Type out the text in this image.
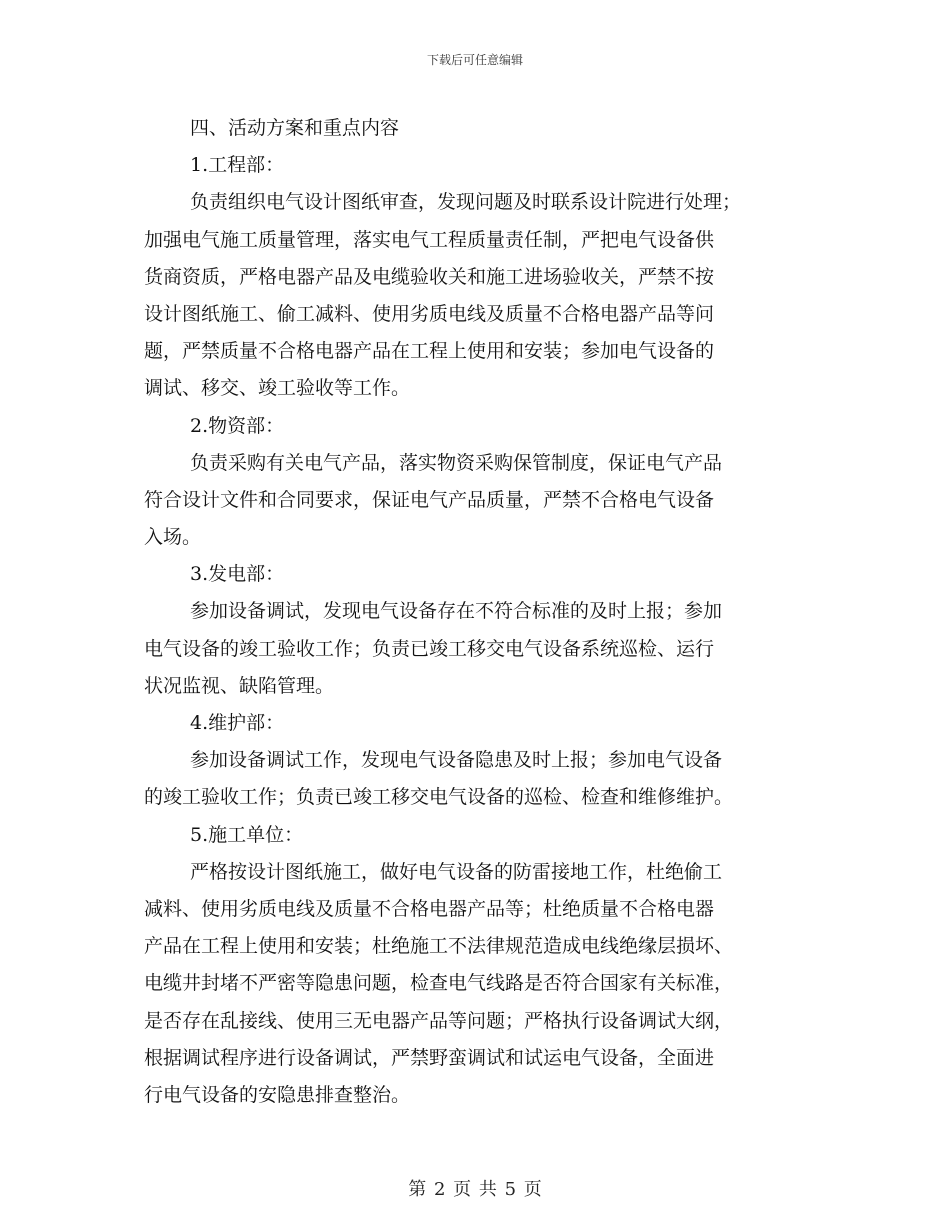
下载后可任意编辑
四、活动方案和重点内容
1.工程部：
负责组织电气设计图纸审查，发现问题及时联系设计院进行处理；
加强电气施工质量管理，落实电气工程质量责任制，严把电气设备供
货商资质，严格电器产品及电缆验收关和施工进场验收关，严禁不按
设计图纸施工、偷工减料、使用劣质电线及质量不合格电器产品等问
题，严禁质量不合格电器产品在工程上使用和安装；参加电气设备的
调试、移交、竣工验收等工作。
2.物资部：
负责采购有关电气产品，落实物资采购保管制度，保证电气产品
符合设计文件和合同要求，保证电气产品质量，严禁不合格电气设备
入场。
3.发电部：
参加设备调试，发现电气设备存在不符合标准的及时上报；参加
电气设备的竣工验收工作；负责已竣工移交电气设备系统巡检、运行
状况监视、缺陷管理。
4.维护部：
参加设备调试工作，发现电气设备隐患及时上报；参加电气设备
的竣工验收工作；负责已竣工移交电气设备的巡检、检查和维修维护。
5.施工单位：
严格按设计图纸施工，做好电气设备的防雷接地工作，杜绝偷工
减料、使用劣质电线及质量不合格电器产品等；杜绝质量不合格电器
产品在工程上使用和安装；杜绝施工不法律规范造成电线绝缘层损坏、
电缆井封堵不严密等隐患问题，检查电气线路是否符合国家有关标准，
是否存在乱接线、使用三无电器产品等问题；严格执行设备调试大纲，
根据调试程序进行设备调试，严禁野蛮调试和试运电气设备，全面进
行电气设备的安隐患排查整治。
第 2 页 共 5 页
